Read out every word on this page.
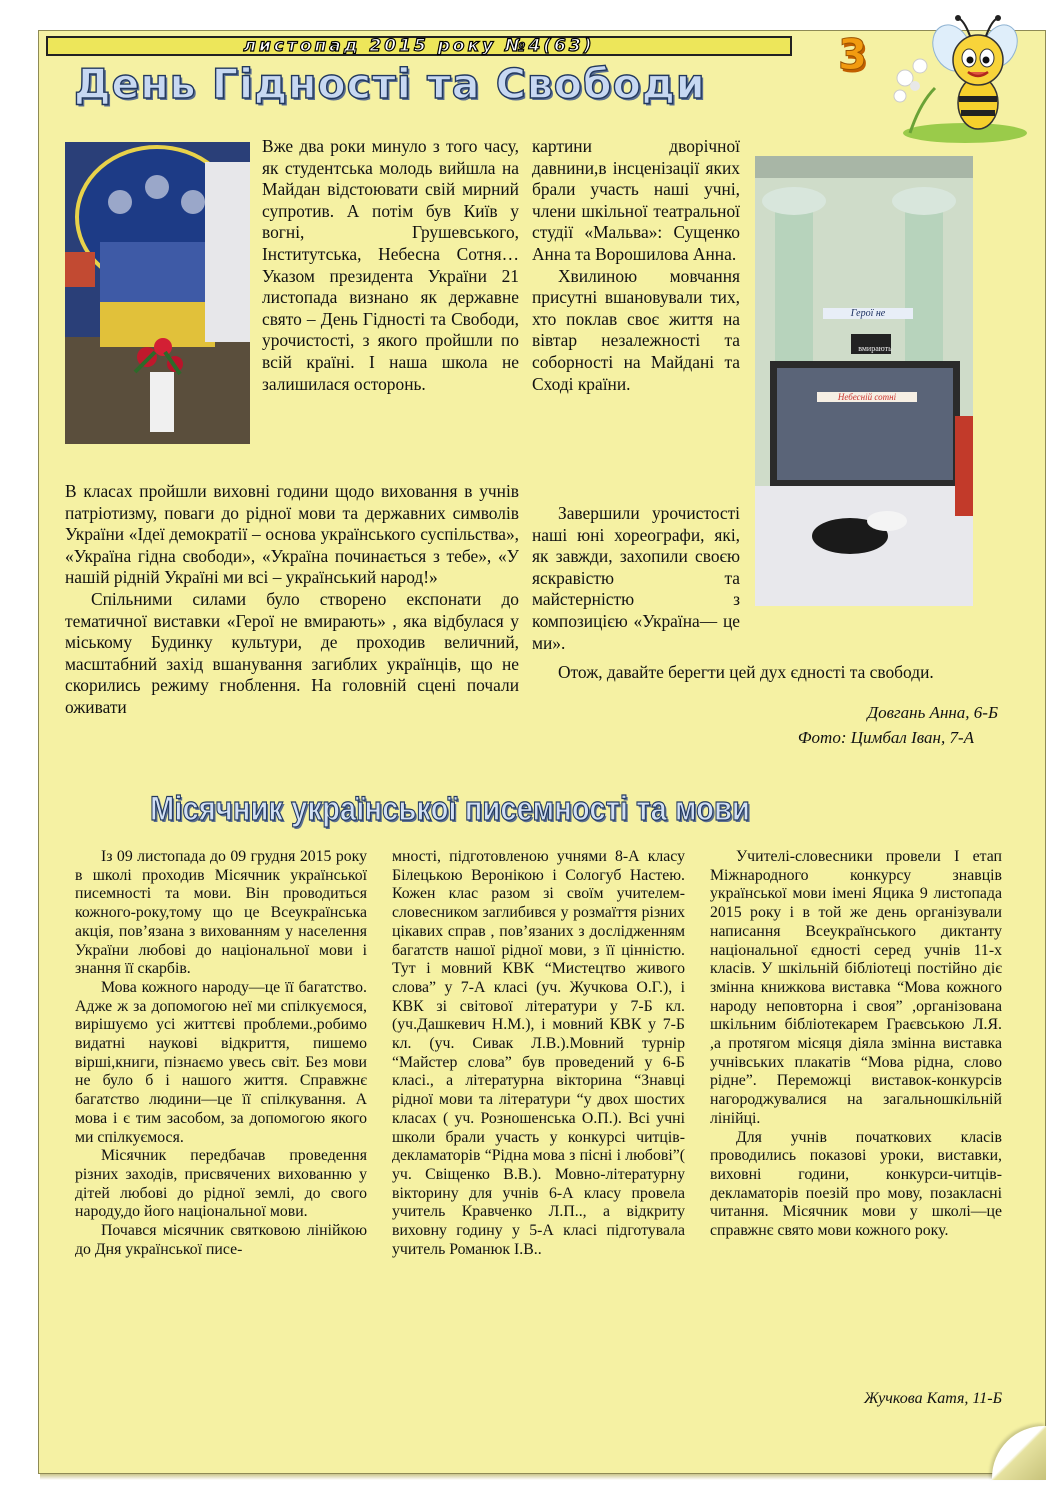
листопад 2015 року №4(63)	3
День Гідності та Свободи
Герої не
вмирають
Небесній сотні

Вже два роки минуло з того часу, як студентська молодь вийшла на Майдан відстоювати свій мирний супротив. А потім був Київ у вогні, Грушевського, Інститутська, Небесна Сотня… Указом президента України 21 листопада визнано як державне свято – День Гідності та Свободи, урочистості, з якого пройшли по всій країні. І наша школа не залишилася осторонь.

В класах пройшли виховні години щодо виховання в учнів патріотизму, поваги до рідної мови та державних символів України «Ідеї демократії – основа українського суспільства», «Україна гідна свободи», «Україна починається з тебе», «У нашій рідній Україні ми всі – український народ!»

Спільними силами було створено експонати до тематичної виставки «Герої не вмирають» , яка відбулася у міському Будинку культури, де проходив величний, масштабний захід вшанування загиблих українців, що не скорились режиму гноблення. На головній сцені почали оживати

картини дворічної давнини,в інсценізації яких брали участь наші учні, члени шкільної театральної студії «Мальва»: Сущенко Анна та Ворошилова Анна.

Хвилиною мовчання присутні вшановували тих, хто поклав своє життя на вівтар незалежності та соборності на Майдані та Сході країни.

Завершили урочистості наші юні хореографи, які, як завжди, захопили своєю яскравістю та майстерністю з композицією «Україна— це ми».

Отож, давайте берегти цей дух єдності та свободи.

Довгань Анна, 6-Б
Фото: Цимбал Іван, 7-А
Місячник української писемності та мови

Із 09 листопада до 09 грудня 2015 року в школі проходив Місячник української писемності та мови. Він проводиться кожного-року,тому що це Всеукраїнська акція, пов’язана з вихованням у населення України любові до національної мови і знання її скарбів.

Мова кожного народу—це її багатство. Адже ж за допомогою неї ми спілкуємося, вирішуємо усі життєві проблеми.,робимо видатні наукові відкриття, пишемо вірші,книги, пізнаємо увесь світ. Без мови не було б і нашого життя. Справжнє багатство людини—це її спілкування. А мова і є тим засобом, за допомогою якого ми спілкуємося.

Місячник передбачав проведення різних заходів, присвячених вихованню у дітей любові до рідної землі, до свого народу,до його національної мови.

Почався місячник святковою лінійкою до Дня української писе-

мності, підготовленою учнями 8-А класу Білецькою Веронікою і Сологуб Настею. Кожен клас разом зі своїм учителем-словесником заглибився у розмаїття різних цікавих справ , пов’язаних з дослідженням багатств нашої рідної мови, з її цінністю. Тут і мовний КВК “Мистецтво живого слова” у 7-А класі (уч. Жучкова О.Г.), і КВК зі світової літератури у 7-Б кл.(уч.Дашкевич Н.М.), і мовний КВК у 7-Б кл. (уч. Сивак Л.В.).Мовний турнір “Майстер слова” був проведений у 6-Б класі., а літературна вікторина “Знавці рідної мови та літератури “у двох шостих класах ( уч. Розношенська О.П.). Всі учні школи брали участь у конкурсі читців-декламаторів “Рідна мова з пісні і любові”( уч. Свіщенко В.В.). Мовно-літературну вікторину для учнів 6-А класу провела учитель Кравченко Л.П.., а відкриту виховну годину у 5-А класі підготувала учитель Романюк І.В..

Учителі-словесники провели І етап Міжнародного конкурсу знавців української мови імені Яцика 9 листопада 2015 року і в той же день організували написання Всеукраїнського диктанту національної єдності серед учнів 11-х класів. У шкільній бібліотеці постійно діє змінна книжкова виставка “Мова кожного народу неповторна і своя” ,організована шкільним бібліотекарем Граєвською Л.Я. ,а протягом місяця діяла змінна виставка учнівських плакатів “Мова рідна, слово рідне”. Переможці виставок-конкурсів нагороджувалися на загальношкільній лінійці.

Для учнів початкових класів проводились показові уроки, виставки, виховні години, конкурси-читців-декламаторів поезій про мову, позакласні читання. Місячник мови у школі—це справжнє свято мови кожного року.

Жучкова Катя, 11-Б
